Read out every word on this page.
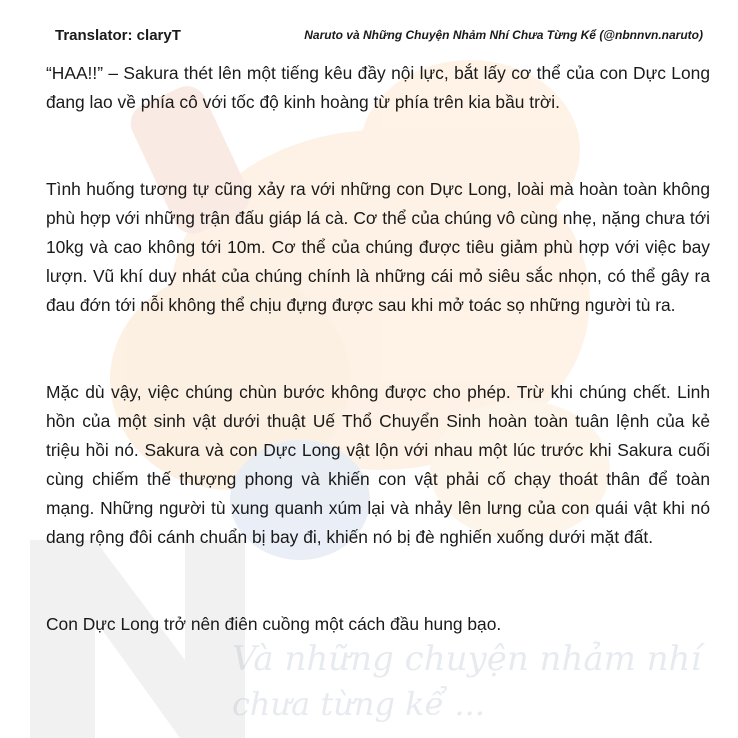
Và những chuyện nhảm nhí
chưa từng kể ...
Translator: claryT	Naruto và Những Chuyện Nhảm Nhí Chưa Từng Kể (@nbnnvn.naruto)

“HAA!!” – Sakura thét lên một tiếng kêu đầy nội lực, bắt lấy cơ thể của con Dực Long đang lao về phía cô với tốc độ kinh hoàng từ phía trên kia bầu trời.

Tình huống tương tự cũng xảy ra với những con Dực Long, loài mà hoàn toàn không phù hợp với những trận đấu giáp lá cà. Cơ thể của chúng vô cùng nhẹ, nặng chưa tới 10kg và cao không tới 10m. Cơ thể của chúng được tiêu giảm phù hợp với việc bay lượn. Vũ khí duy nhát của chúng chính là những cái mỏ siêu sắc nhọn, có thể gây ra đau đớn tới nỗi không thể chịu đựng được sau khi mở toác sọ những người tù ra.

Mặc dù vậy, việc chúng chùn bước không được cho phép. Trừ khi chúng chết. Linh hồn của một sinh vật dưới thuật Uế Thổ Chuyển Sinh hoàn toàn tuân lệnh của kẻ triệu hồi nó. Sakura và con Dực Long vật lộn với nhau một lúc trước khi Sakura cuối cùng chiếm thế thượng phong và khiến con vật phải cố chạy thoát thân để toàn mạng. Những người tù xung quanh xúm lại và nhảy lên lưng của con quái vật khi nó dang rộng đôi cánh chuẩn bị bay đi, khiến nó bị đè nghiến xuống dưới mặt đất.

Con Dực Long trở nên điên cuồng một cách đầu hung bạo.
